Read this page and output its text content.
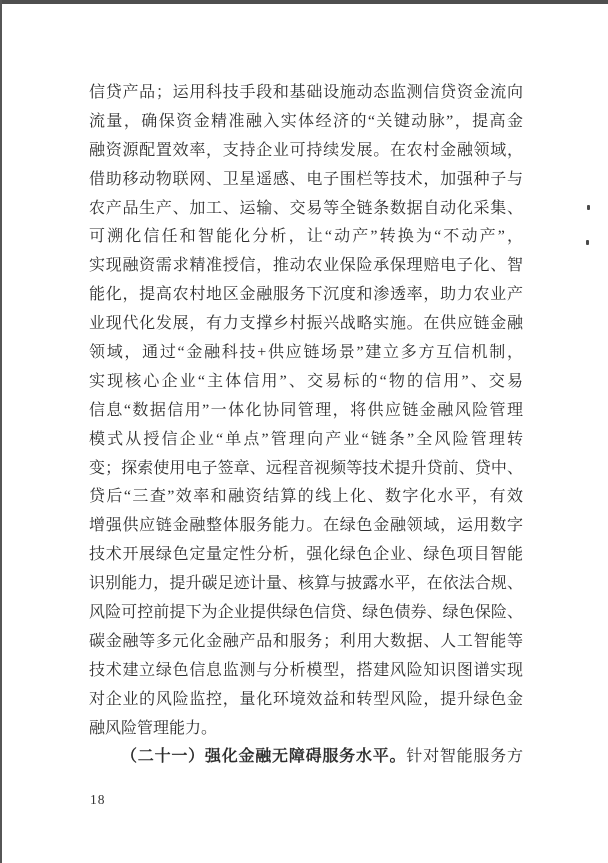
信贷产品；运用科技手段和基础设施动态监测信贷资金流向
流量，确保资金精准融入实体经济的“关键动脉”，提高金
融资源配置效率，支持企业可持续发展。在农村金融领域，
借助移动物联网、卫星遥感、电子围栏等技术，加强种子与
农产品生产、加工、运输、交易等全链条数据自动化采集、
可溯化信任和智能化分析，让“动产”转换为“不动产”，
实现融资需求精准授信，推动农业保险承保理赔电子化、智
能化，提高农村地区金融服务下沉度和渗透率，助力农业产
业现代化发展，有力支撑乡村振兴战略实施。在供应链金融
领域，通过“金融科技+供应链场景”建立多方互信机制，
实现核心企业“主体信用”、交易标的“物的信用”、交易
信息“数据信用”一体化协同管理，将供应链金融风险管理
模式从授信企业“单点”管理向产业“链条”全风险管理转
变；探索使用电子签章、远程音视频等技术提升贷前、贷中、
贷后“三查”效率和融资结算的线上化、数字化水平，有效
增强供应链金融整体服务能力。在绿色金融领域，运用数字
技术开展绿色定量定性分析，强化绿色企业、绿色项目智能
识别能力，提升碳足迹计量、核算与披露水平，在依法合规、
风险可控前提下为企业提供绿色信贷、绿色债券、绿色保险、
碳金融等多元化金融产品和服务；利用大数据、人工智能等
技术建立绿色信息监测与分析模型，搭建风险知识图谱实现
对企业的风险监控，量化环境效益和转型风险，提升绿色金
融风险管理能力。
（二十一）强化金融无障碍服务水平。针对智能服务方
18
